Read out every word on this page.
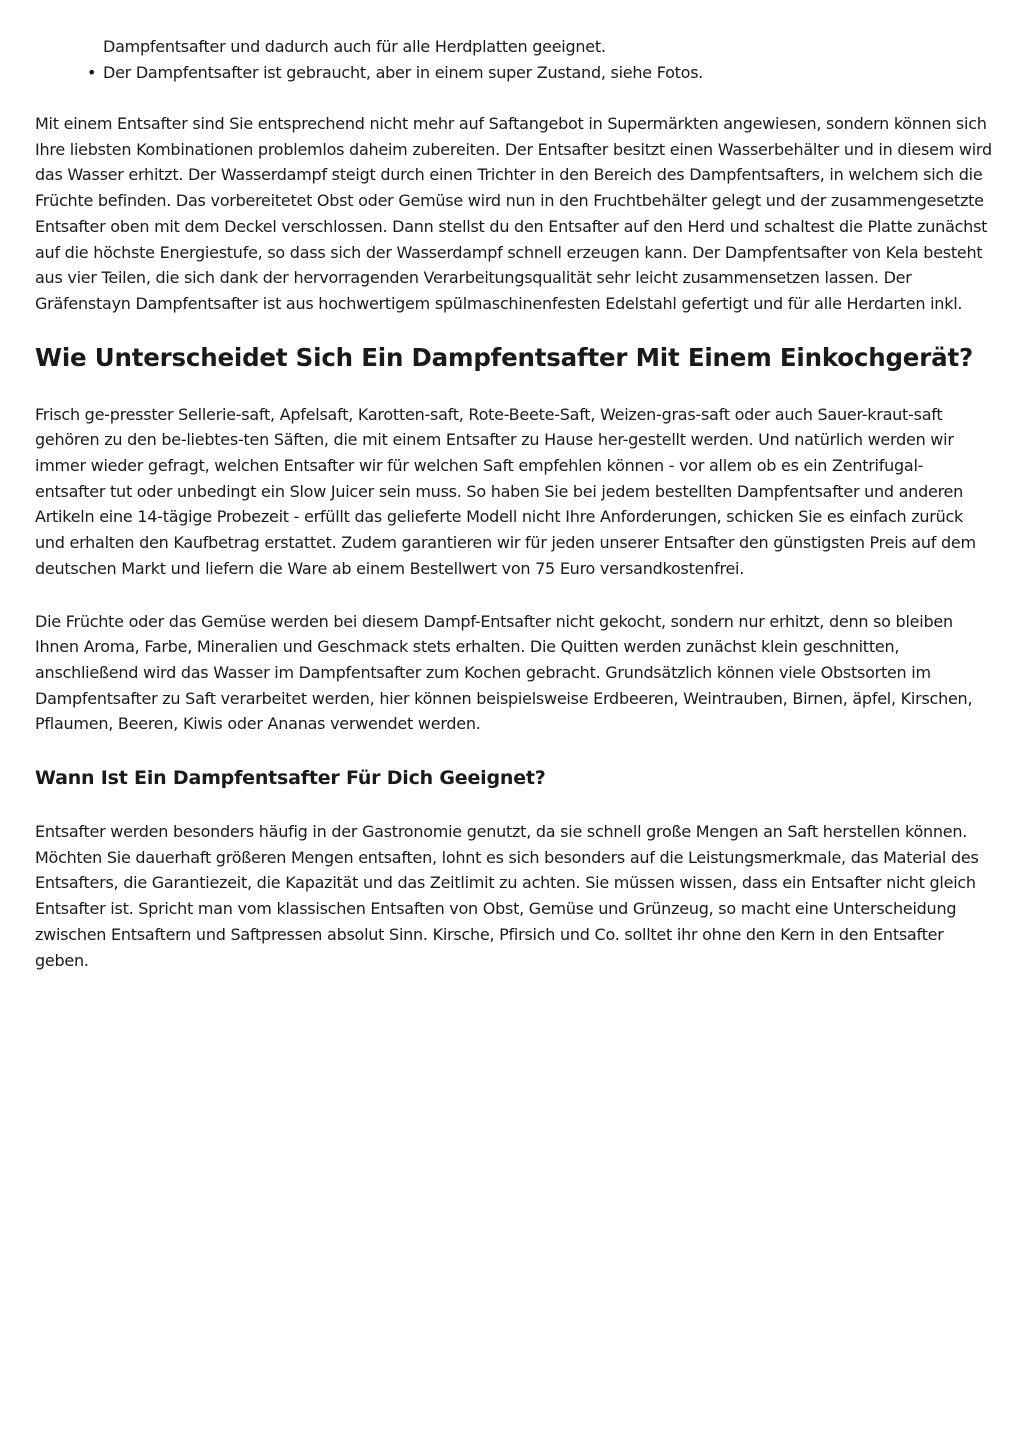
Dampfentsafter und dadurch auch für alle Herdplatten geeignet.
• Der Dampfentsafter ist gebraucht, aber in einem super Zustand, siehe Fotos.

Mit einem Entsafter sind Sie entsprechend nicht mehr auf Saftangebot in Supermärkten angewiesen, sondern können sich Ihre liebsten Kombinationen problemlos daheim zubereiten. Der Entsafter besitzt einen Wasserbehälter und in diesem wird das Wasser erhitzt. Der Wasserdampf steigt durch einen Trichter in den Bereich des Dampfentsafters, in welchem sich die Früchte befinden. Das vorbereitetet Obst oder Gemüse wird nun in den Fruchtbehälter gelegt und der zusammengesetzte Entsafter oben mit dem Deckel verschlossen. Dann stellst du den Entsafter auf den Herd und schaltest die Platte zunächst auf die höchste Energiestufe, so dass sich der Wasserdampf schnell erzeugen kann. Der Dampfentsafter von Kela besteht aus vier Teilen, die sich dank der hervorragenden Verarbeitungsqualität sehr leicht zusammensetzen lassen. Der Gräfenstayn Dampfentsafter ist aus hochwertigem spülmaschinenfesten Edelstahl gefertigt und für alle Herdarten inkl.

Wie Unterscheidet Sich Ein Dampfentsafter Mit Einem Einkochgerät?

Frisch ge-presster Sellerie-saft, Apfelsaft, Karotten-saft, Rote-Beete-Saft, Weizen-gras-saft oder auch Sauer-kraut-saft gehören zu den be-liebtes-ten Säften, die mit einem Entsafter zu Hause her-gestellt werden. Und natürlich werden wir immer wieder gefragt, welchen Entsafter wir für welchen Saft empfehlen können - vor allem ob es ein Zentrifugal-entsafter tut oder unbedingt ein Slow Juicer sein muss. So haben Sie bei jedem bestellten Dampfentsafter und anderen Artikeln eine 14-tägige Probezeit - erfüllt das gelieferte Modell nicht Ihre Anforderungen, schicken Sie es einfach zurück und erhalten den Kaufbetrag erstattet. Zudem garantieren wir für jeden unserer Entsafter den günstigsten Preis auf dem deutschen Markt und liefern die Ware ab einem Bestellwert von 75 Euro versandkostenfrei.

Die Früchte oder das Gemüse werden bei diesem Dampf-Entsafter nicht gekocht, sondern nur erhitzt, denn so bleiben Ihnen Aroma, Farbe, Mineralien und Geschmack stets erhalten. Die Quitten werden zunächst klein geschnitten, anschließend wird das Wasser im Dampfentsafter zum Kochen gebracht. Grundsätzlich können viele Obstsorten im Dampfentsafter zu Saft verarbeitet werden, hier können beispielsweise Erdbeeren, Weintrauben, Birnen, äpfel, Kirschen, Pflaumen, Beeren, Kiwis oder Ananas verwendet werden.

Wann Ist Ein Dampfentsafter Für Dich Geeignet?

Entsafter werden besonders häufig in der Gastronomie genutzt, da sie schnell große Mengen an Saft herstellen können. Möchten Sie dauerhaft größeren Mengen entsaften, lohnt es sich besonders auf die Leistungsmerkmale, das Material des Entsafters, die Garantiezeit, die Kapazität und das Zeitlimit zu achten. Sie müssen wissen, dass ein Entsafter nicht gleich Entsafter ist. Spricht man vom klassischen Entsaften von Obst, Gemüse und Grünzeug, so macht eine Unterscheidung zwischen Entsaftern und Saftpressen absolut Sinn. Kirsche, Pfirsich und Co. solltet ihr ohne den Kern in den Entsafter geben.
